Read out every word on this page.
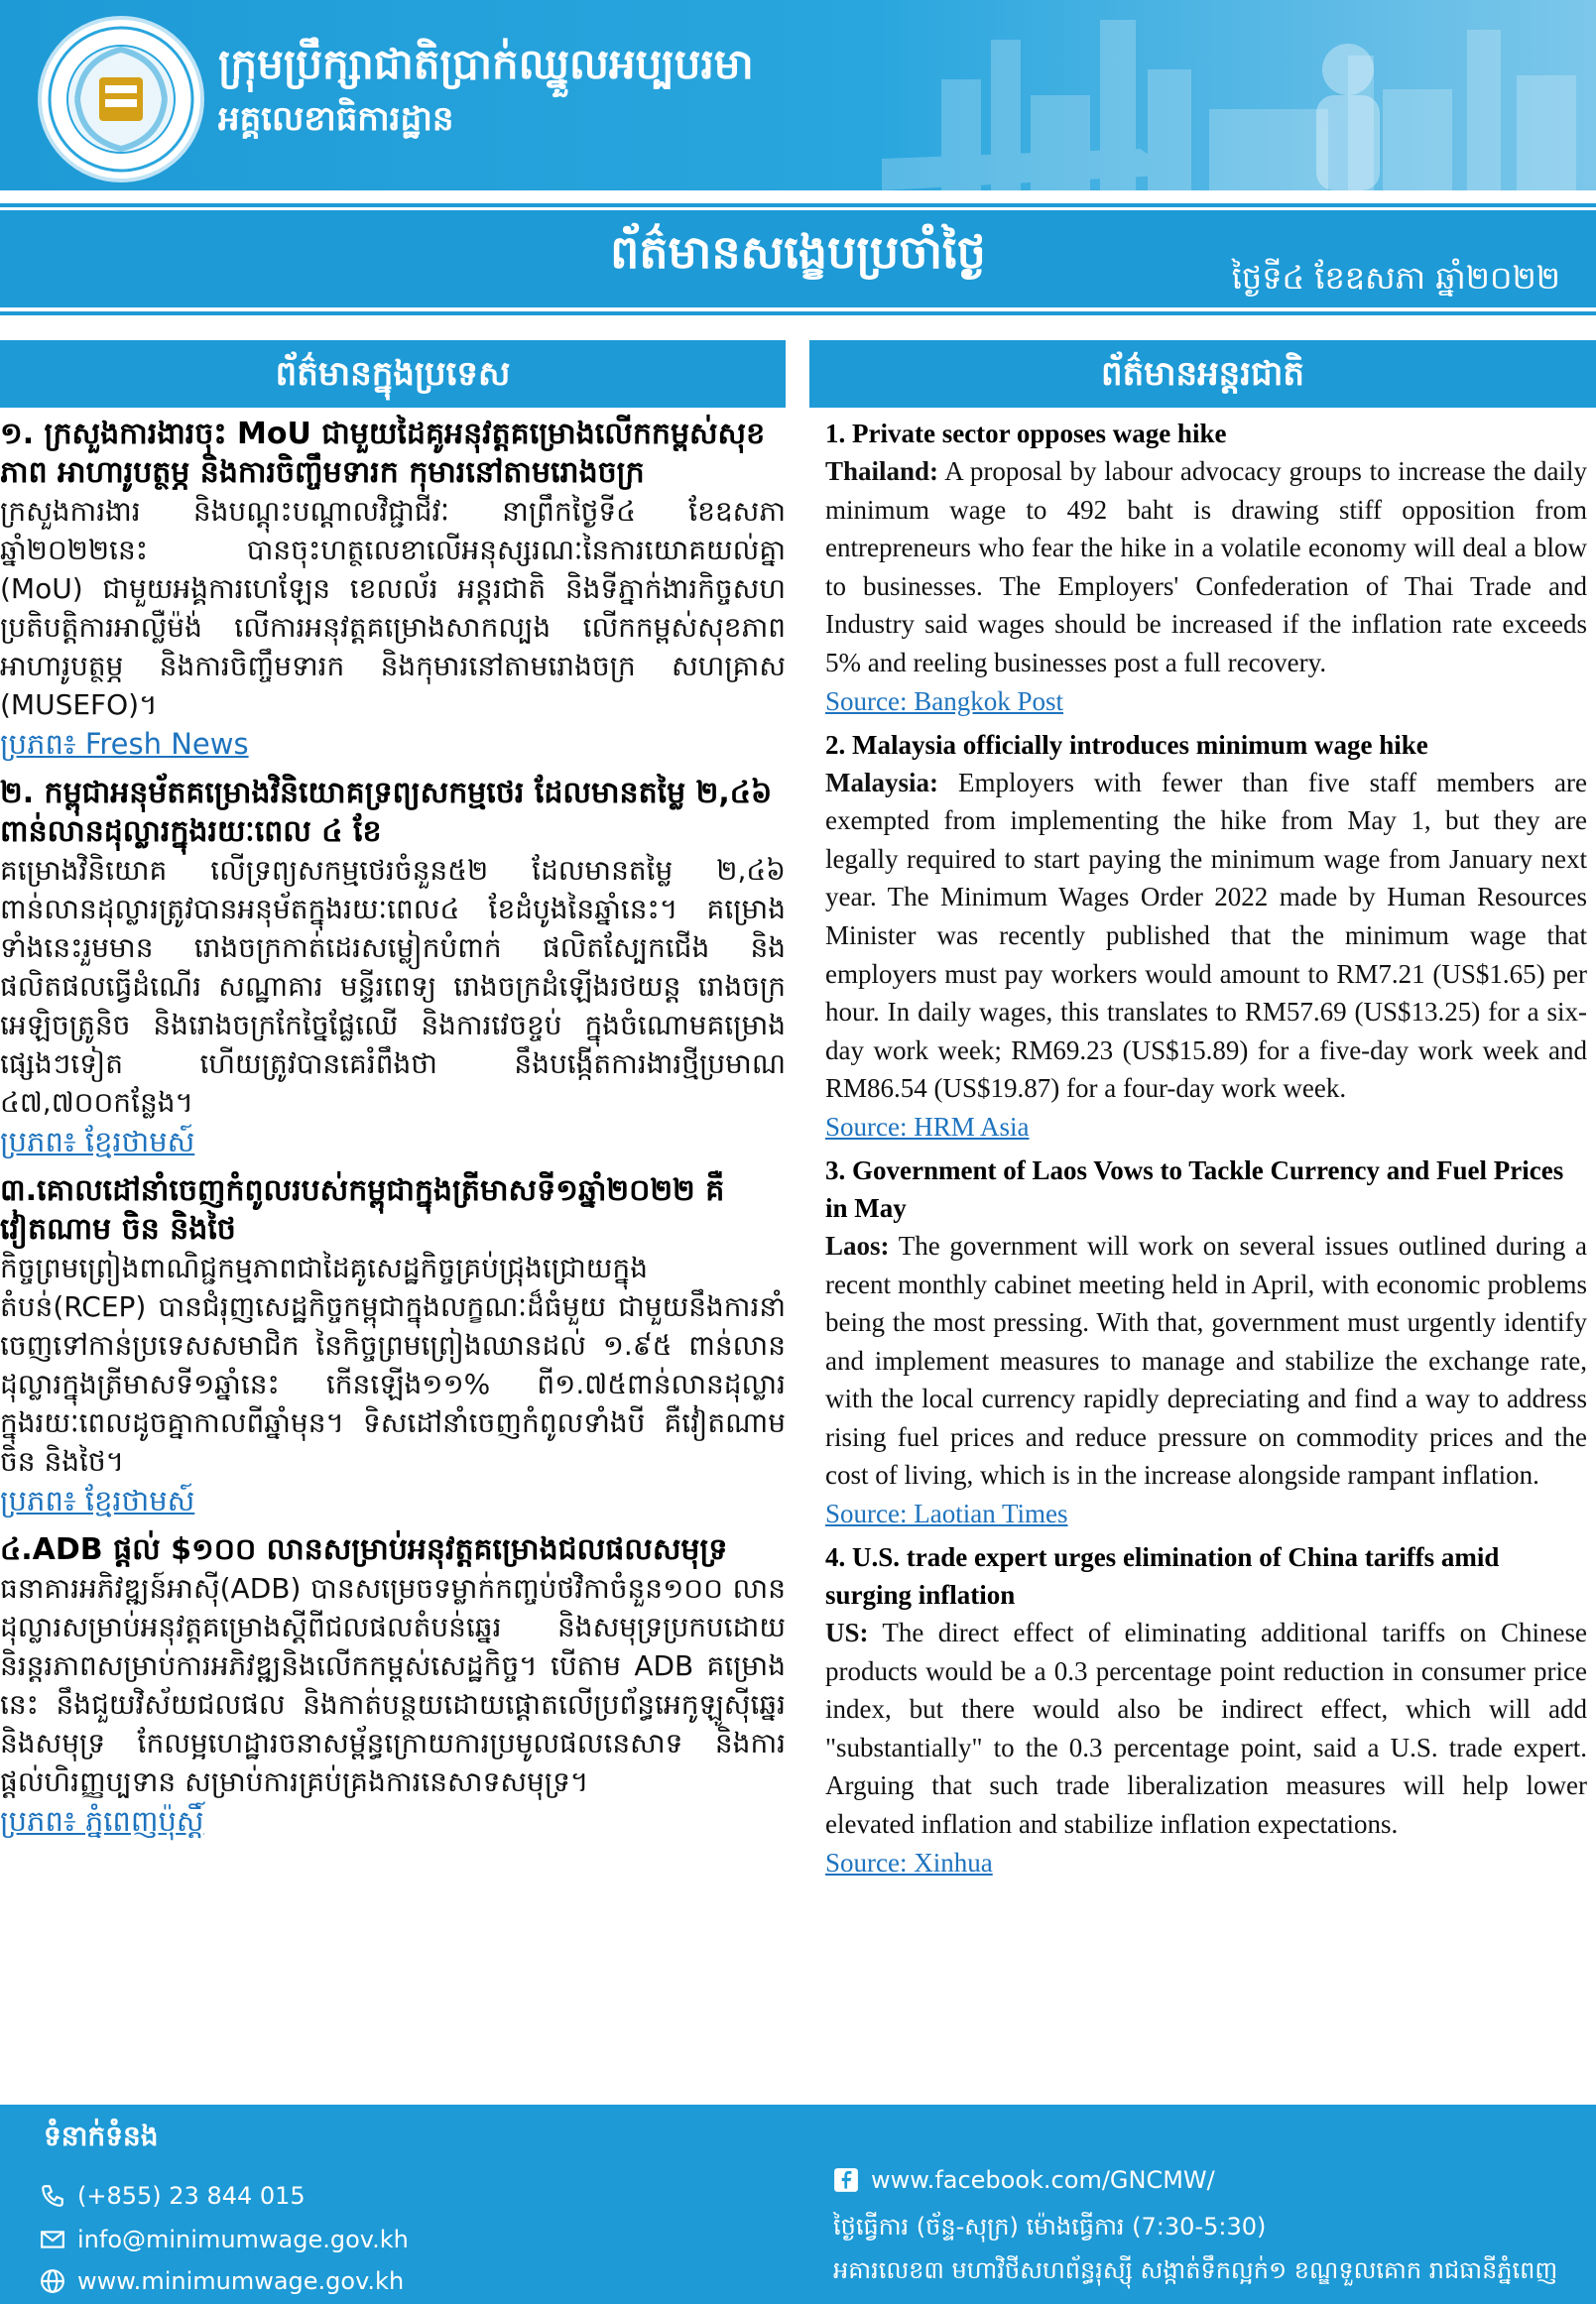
ក្រុមប្រឹក្សាជាតិប្រាក់ឈ្នួលអប្បបរមា
អគ្គលេខាធិការដ្ឋាន
ព័ត៌មានសង្ខេបប្រចាំថ្ងៃ	ថ្ងៃទី៤ ខែឧសភា ឆ្នាំ២០២២
ព័ត៌មានក្នុងប្រទេស	ព័ត៌មានអន្តរជាតិ

១. ក្រសួងការងារចុះ MoU ជាមួយដៃគូអនុវត្តគម្រោងលើកកម្ពស់សុខភាព អាហារូបត្ថម្ភ និងការចិញ្ចឹមទារក កុមារនៅតាមរោងចក្រ

ក្រសួងការងារ និងបណ្តុះបណ្តាលវិជ្ជាជីវៈ នាព្រឹកថ្ងៃទី៤ ខែឧសភា ឆ្នាំ២០២២នេះ បានចុះហត្ថលេខាលើអនុស្សរណៈនៃការយោគយល់គ្នា (MoU) ជាមួយអង្គការហេឡែន ខេលល័រ អន្តរជាតិ និងទីភ្នាក់ងារកិច្ចសហប្រតិបត្តិការអាល្លឺម៉ង់ លើការអនុវត្តគម្រោងសាកល្បង លើកកម្ពស់សុខភាព អាហារូបត្ថម្ភ និងការចិញ្ចឹមទារក និងកុមារនៅតាមរោងចក្រ សហគ្រាស (MUSEFO)។

ប្រភព៖ Fresh News

២. កម្ពុជាអនុម័តគម្រោងវិនិយោគទ្រព្យសកម្មថេរ ដែលមានតម្លៃ ២,៤៦ ពាន់លានដុល្លារក្នុងរយៈពេល ៤ ខែ

គម្រោងវិនិយោគ លើទ្រព្យសកម្មថេរចំនួន៥២ ដែលមានតម្លៃ ២,៤៦ ពាន់លានដុល្លារត្រូវបានអនុម័តក្នុងរយៈពេល៤ ខែដំបូងនៃឆ្នាំនេះ។ គម្រោងទាំងនេះរួមមាន រោងចក្រកាត់ដេរសម្លៀកបំពាក់ ផលិតស្បែកជើង និងផលិតផលធ្វើដំណើរ សណ្ឋាគារ មន្ទីរពេទ្យ រោងចក្រដំឡើងរថយន្ត រោងចក្រអេឡិចត្រូនិច និងរោងចក្រកែច្នៃផ្លែឈើ និងការវេចខ្ចប់ ក្នុងចំណោមគម្រោងផ្សេងៗទៀត ហើយត្រូវបានគេរំពឹងថា នឹងបង្កើតការងារថ្មីប្រមាណ ៤៧,៧០០កន្លែង។

ប្រភព៖ ខ្មែរថាមស៍

៣.គោលដៅនាំចេញកំពូលរបស់កម្ពុជាក្នុងត្រីមាសទី១ឆ្នាំ២០២២ គឺ វៀតណាម ចិន និងថៃ

កិច្ចព្រមព្រៀងពាណិជ្ជកម្មភាពជាដៃគូសេដ្ឋកិច្ចគ្រប់ជ្រុងជ្រោយក្នុងតំបន់(RCEP) បានជំរុញសេដ្ឋកិច្ចកម្ពុជាក្នុងលក្ខណៈដ៏ធំមួយ ជាមួយនឹងការនាំចេញទៅកាន់ប្រទេសសមាជិក នៃកិច្ចព្រមព្រៀងឈានដល់ ១.៩៥ ពាន់លានដុល្លារក្នុងត្រីមាសទី១ឆ្នាំនេះ កើនឡើង១១% ពី១.៧៥ពាន់លានដុល្លារក្នុងរយៈពេលដូចគ្នាកាលពីឆ្នាំមុន។ ទិសដៅនាំចេញកំពូលទាំងបី គឺវៀតណាម ចិន និងថៃ។

ប្រភព៖ ខ្មែរថាមស៍

៤.ADB ផ្តល់ $១០០ លានសម្រាប់អនុវត្តគម្រោងជលផលសមុទ្រ

ធនាគារអភិវឌ្ឍន៍អាស៊ី(ADB) បានសម្រេចទម្លាក់កញ្ចប់ថវិកាចំនួន១០០ លានដុល្លារសម្រាប់អនុវត្តគម្រោងស្តីពីជលផលតំបន់ឆ្នេរ និងសមុទ្រប្រកបដោយនិរន្តរភាពសម្រាប់ការអភិវឌ្ឍនិងលើកកម្ពស់សេដ្ឋកិច្ច។ បើតាម ADB គម្រោងនេះ នឹងជួយវិស័យជលផល និងកាត់បន្ថយដោយផ្តោតលើប្រព័ន្ធអេកូឡូស៊ីឆ្នេរ និងសមុទ្រ កែលម្អហេដ្ឋារចនាសម្ព័ន្ធក្រោយការប្រមូលផលនេសាទ និងការផ្តល់ហិរញ្ញប្បទាន សម្រាប់ការគ្រប់គ្រងការនេសាទសមុទ្រ។

ប្រភព៖ ភ្នំពេញប៉ុស្តិ៍

1. Private sector opposes wage hike

Thailand: A proposal by labour advocacy groups to increase the daily minimum wage to 492 baht is drawing stiff opposition from entrepreneurs who fear the hike in a volatile economy will deal a blow to businesses. The Employers' Confederation of Thai Trade and Industry said wages should be increased if the inflation rate exceeds 5% and reeling businesses post a full recovery.

Source: Bangkok Post

2. Malaysia officially introduces minimum wage hike

Malaysia: Employers with fewer than five staff members are exempted from implementing the hike from May 1, but they are legally required to start paying the minimum wage from January next year. The Minimum Wages Order 2022 made by Human Resources Minister was recently published that the minimum wage that employers must pay workers would amount to RM7.21 (US$1.65) per hour. In daily wages, this translates to RM57.69 (US$13.25) for a six-day work week; RM69.23 (US$15.89) for a five-day work week and RM86.54 (US$19.87) for a four-day work week.

Source: HRM Asia

3. Government of Laos Vows to Tackle Currency and Fuel Prices in May

Laos: The government will work on several issues outlined during a recent monthly cabinet meeting held in April, with economic problems being the most pressing. With that, government must urgently identify and implement measures to manage and stabilize the exchange rate, with the local currency rapidly depreciating and find a way to address rising fuel prices and reduce pressure on commodity prices and the cost of living, which is in the increase alongside rampant inflation.

Source: Laotian Times

4. U.S. trade expert urges elimination of China tariffs amid surging inflation

US: The direct effect of eliminating additional tariffs on Chinese products would be a 0.3 percentage point reduction in consumer price index, but there would also be indirect effect, which will add "substantially" to the 0.3 percentage point, said a U.S. trade expert. Arguing that such trade liberalization measures will help lower elevated inflation and stabilize inflation expectations.

Source: Xinhua

ទំនាក់ទំនង
(+855) 23 844 015
info@minimumwage.gov.kh
www.minimumwage.gov.kh
www.facebook.com/GNCMW/
ថ្ងៃធ្វើការ (ច័ន្ទ-សុក្រ) ម៉ោងធ្វើការ (7:30-5:30)
អគារលេខ៣ មហាវិថីសហព័ន្ធរុស្ស៊ី សង្កាត់ទឹកល្អក់១ ខណ្ឌទួលគោក រាជធានីភ្នំពេញ
